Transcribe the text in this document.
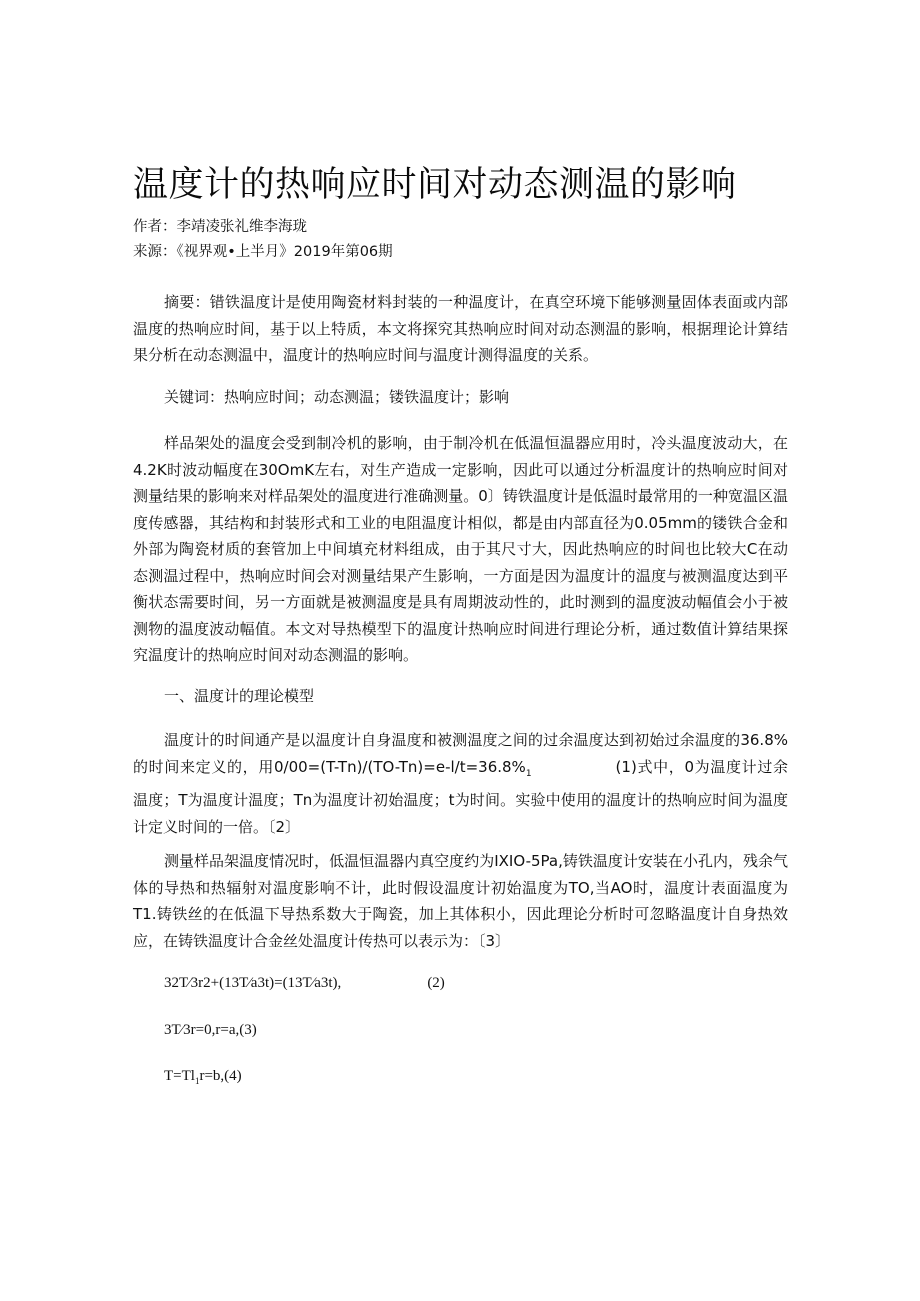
温度计的热响应时间对动态测温的影响
作者：李靖凌张礼维李海珑
来源：《视界观•上半月》2019年第06期

摘要：错铁温度计是使用陶瓷材料封装的一种温度计，在真空环境下能够测量固体表面或内部温度的热响应时间，基于以上特质，本文将探究其热响应时间对动态测温的影响，根据理论计算结果分析在动态测温中，温度计的热响应时间与温度计测得温度的关系。

关键词：热响应时间；动态测温；镂铁温度计；影响

样品架处的温度会受到制冷机的影响，由于制冷机在低温恒温器应用时，冷头温度波动大，在4.2K时波动幅度在30OmK左右，对生产造成一定影响，因此可以通过分析温度计的热响应时间对测量结果的影响来对样品架处的温度进行准确测量。0〕铸铁温度计是低温时最常用的一种宽温区温度传感器，其结构和封装形式和工业的电阻温度计相似，都是由内部直径为0.05mm的镂铁合金和外部为陶瓷材质的套管加上中间填充材料组成，由于其尺寸大，因此热响应的时间也比较大C在动态测温过程中，热响应时间会对测量结果产生影响，一方面是因为温度计的温度与被测温度达到平衡状态需要时间，另一方面就是被测温度是具有周期波动性的，此时测到的温度波动幅值会小于被测物的温度波动幅值。本文对导热模型下的温度计热响应时间进行理论分析，通过数值计算结果探究温度计的热响应时间对动态测温的影响。

一、温度计的理论模型

温度计的时间通产是以温度计自身温度和被测温度之间的过余温度达到初始过余温度的36.8%的时间来定义的，用$0/00=(T-Tn)/(TO-Tn)=e-l/t=36.8\%_1$	(1)式中，0为温度计过余温度；T为温度计温度；Tn为温度计初始温度；t为时间。实验中使用的温度计的热响应时间为温度计定义时间的一倍。〔2〕

测量样品架温度情况时，低温恒温器内真空度约为IXIO-5Pa,铸铁温度计安装在小孔内，残余气体的导热和热辐射对温度影响不计，此时假设温度计初始温度为TO,当AO时，温度计表面温度为T1.铸铁丝的在低温下导热系数大于陶瓷，加上其体积小，因此理论分析时可忽略温度计自身热效应，在铸铁温度计合金丝处温度计传热可以表示为：〔3〕

32T⁄3r2+(13T⁄a3t)=(13T⁄a3t),	(2)
3T⁄3r=0,r=a,(3)
$T=Tl_1r=b,(4)$
